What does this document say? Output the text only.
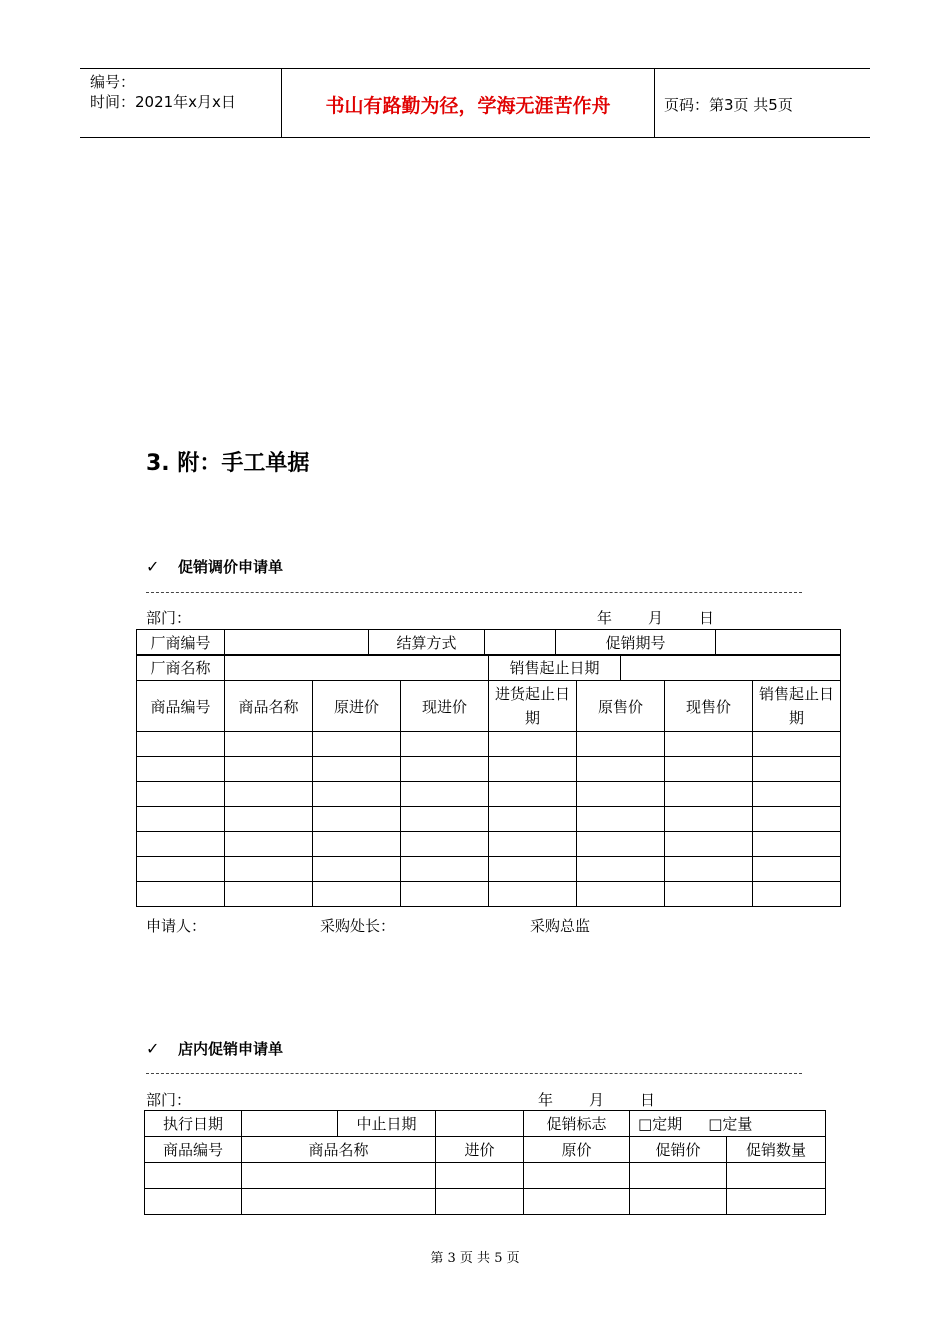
编号：
时间：2021年x月x日	书山有路勤为径，学海无涯苦作舟	页码：第3页 共5页
3. 附：手工单据
✓ 促销调价申请单
部门：	年 月 日
厂商编号		结算方式		促销期号	
厂商名称		销售起止日期	
商品编号	商品名称	原进价	现进价	进货起止日期	原售价	现售价	销售起止日期

申请人：	采购处长：	采购总监
✓ 店内促销申请单
部门：	年 月 日
执行日期		中止日期		促销标志	□定期 □定量
商品编号	商品名称	进价	原价	促销价	促销数量

第 3 页 共 5 页
